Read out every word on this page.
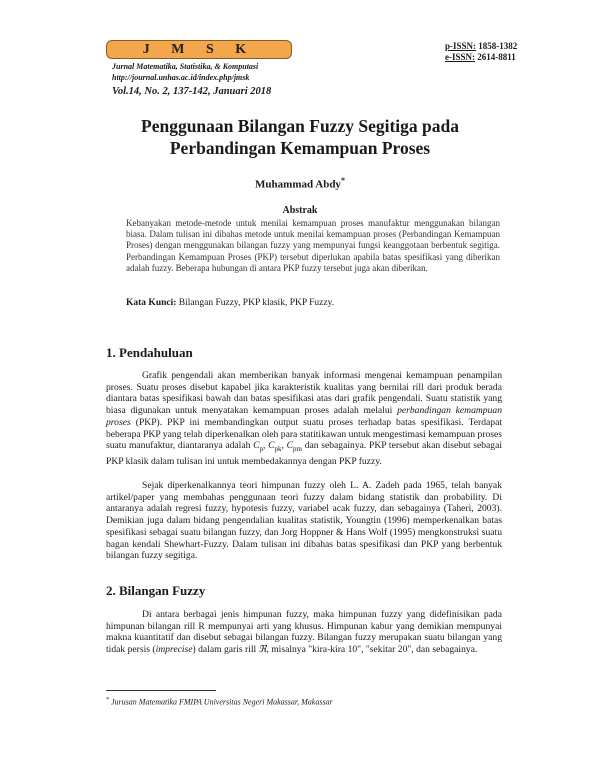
J M S K
Jurnal Matematika, Statistika, & Komputasi
http://journal.unhas.ac.id/index.php/jmsk
Vol.14, No. 2, 137-142, Januari 2018
p-ISSN: 1858-1382
e-ISSN: 2614-8811
Penggunaan Bilangan Fuzzy Segitiga pada
Perbandingan Kemampuan Proses
Muhammad Abdy*
Abstrak
Kebanyakan metode-metode untuk menilai kemampuan proses manufaktur menggunakan bilangan biasa. Dalam tulisan ini dibahas metode untuk menilai kemampuan proses (Perbandingan Kemampuan Proses) dengan menggunakan bilangan fuzzy yang mempunyai fungsi keanggotaan berbentuk segitiga. Perbandingan Kemampuan Proses (PKP) tersebut diperlukan apabila batas spesifikasi yang diberikan adalah fuzzy. Beberapa hubungan di antara PKP fuzzy tersebut juga akan diberikan.
Kata Kunci: Bilangan Fuzzy, PKP klasik, PKP Fuzzy.
1. Pendahuluan
Grafik pengendali akan memberikan banyak informasi mengenai kemampuan penampilan proses. Suatu proses disebut kapabel jika karakteristik kualitas yang bernilai rill dari produk berada diantara batas spesifikasi bawah dan batas spesifikasi atas dari grafik pengendali. Suatu statistik yang biasa digunakan untuk menyatakan kemampuan proses adalah melalui perbandingan kemampuan proses (PKP). PKP ini membandingkan output suatu proses terhadap batas spesifikasi. Terdapat beberapa PKP yang telah diperkenalkan oleh para statitikawan untuk mengestimasi kemampuan proses suatu manufaktur, diantaranya adalah $C_p$, $C_{pk}$, $C_{pm}$ dan sebagainya. PKP tersebut akan disebut sebagai PKP klasik dalam tulisan ini untuk membedakannya dengan PKP fuzzy.
Sejak diperkenalkannya teori himpunan fuzzy oleh L. A. Zadeh pada 1965, telah banyak artikel/paper yang membahas penggunaan teori fuzzy dalam bidang statistik dan probability. Di antaranya adalah regresi fuzzy, hypotesis fuzzy, variabel acak fuzzy, dan sebagainya (Taheri, 2003). Demikian juga dalam bidang pengendalian kualitas statistik, Youngtin (1996) memperkenalkan batas spesifikasi sebagai suatu bilangan fuzzy, dan Jorg Hoppner & Hans Wolf (1995) mengkonstruksi suatu bagan kendali Shewhart-Fuzzy. Dalam tulisan ini dibahas batas spesifikasi dan PKP yang berbentuk bilangan fuzzy segitiga.
2. Bilangan Fuzzy
Di antara berbagai jenis himpunan fuzzy, maka himpunan fuzzy yang didefinisikan pada himpunan bilangan rill R mempunyai arti yang khusus. Himpunan kabur yang demikian mempunyai makna kuantitatif dan disebut sebagai bilangan fuzzy. Bilangan fuzzy merupakan suatu bilangan yang tidak persis (imprecise) dalam garis rill ℜ, misalnya "kira-kira 10", "sekitar 20", dan sebagainya.
* Jurusan Matematika FMIPA Universitas Negeri Makassar, Makassar
